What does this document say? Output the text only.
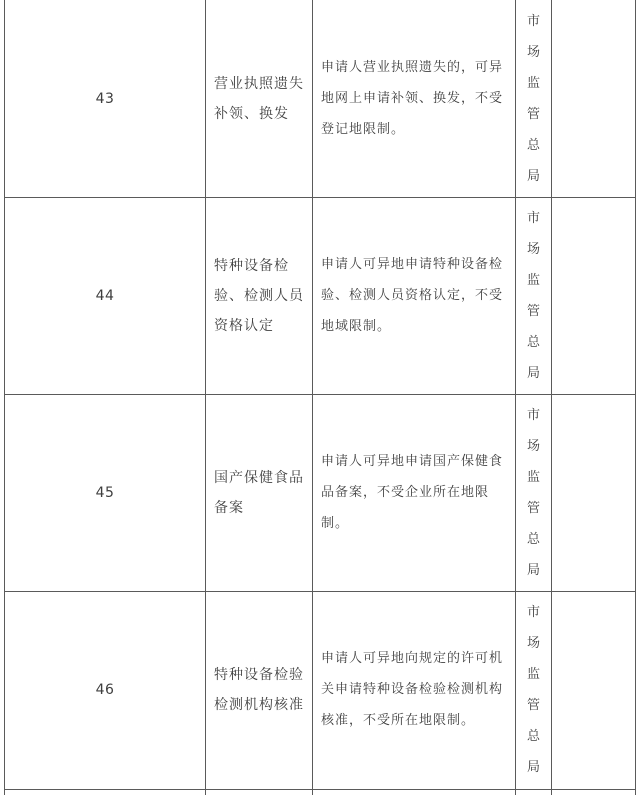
43
营业执照遗失补领、换发
申请人营业执照遗失的，可异地网上申请补领、换发，不受登记地限制。
市
场
监
管
总
局
44
特种设备检验、检测人员资格认定
申请人可异地申请特种设备检验、检测人员资格认定，不受地域限制。
市
场
监
管
总
局
45
国产保健食品备案
申请人可异地申请国产保健食品备案，不受企业所在地限制。
市
场
监
管
总
局
46
特种设备检验检测机构核准
申请人可异地向规定的许可机关申请特种设备检验检测机构核准，不受所在地限制。
市
场
监
管
总
局
